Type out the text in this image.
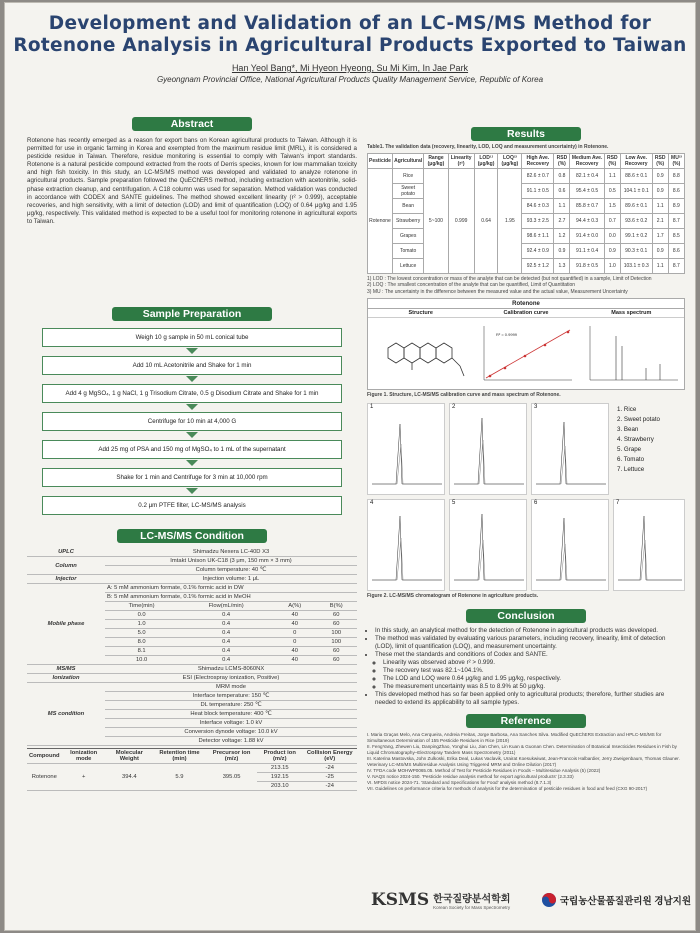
Development and Validation of an LC-MS/MS Method for
Rotenone Analysis in Agricultural Products Exported to Taiwan
Han Yeol Bang*, Mi Hyeon Hyeong, Su Mi Kim, In Jae Park
Gyeongnam Provincial Office, National Agricultural Products Quality Management Service, Republic of Korea
Abstract
Rotenone has recently emerged as a reason for export bans on Korean agricultural products to Taiwan. Although it is permitted for use in organic farming in Korea and exempted from the maximum residue limit (MRL), it is considered a pesticide residue in Taiwan. Therefore, residue monitoring is essential to comply with Taiwan's import standards. Rotenone is a natural pesticide compound extracted from the roots of Derris species, known for low mammalian toxicity and high fish toxicity. In this study, an LC-MS/MS method was developed and validated to analyze rotenone in agricultural products. Sample preparation followed the QuEChERS method, including extraction with acetonitrile, solid-phase extraction cleanup, and centrifugation. A C18 column was used for separation. Method validation was conducted in accordance with CODEX and SANTE guidelines. The method showed excellent linearity (r² > 0.999), acceptable recoveries, and high sensitivity, with a limit of detection (LOD) and limit of quantification (LOQ) of 0.64 μg/kg and 1.95 μg/kg, respectively. This validated method is expected to be a useful tool for monitoring rotenone in agricultural exports to Taiwan.
Sample Preparation
Weigh 10 g sample in 50 mL conical tube
Add 10 mL Acetonitrile and Shake for 1 min
Add 4 g MgSO₄, 1 g NaCl, 1 g Trisodium Citrate, 0.5 g Disodium Citrate and Shake for 1 min
Centrifuge for 10 min at 4,000 G
Add 25 mg of PSA and 150 mg of MgSO₄ to 1 mL of the supernatant
Shake for 1 min and Centrifuge for 3 min at 10,000 rpm
0.2 μm PTFE filter, LC-MS/MS analysis
LC-MS/MS Condition
UPLC	Shimadzu Nexera LC-40D X3			
Column	Imtakt Unison UK-C18 (3 μm, 150 mm × 3 mm)			
	Column temperature: 40 ℃			
Injector	Injection volume: 1 μL			
Mobile phase	A: 5 mM ammonium formate, 0.1% formic acid in DW			
	B: 5 mM ammonium formate, 0.1% formic acid in MeOH			
	Time(min)	Flow(mL/min)	A(%)	B(%)
	0.0	0.4	40	60
	1.0	0.4	40	60
	5.0	0.4	0	100
	8.0	0.4	0	100
	8.1	0.4	40	60
	10.0	0.4	40	60
MS/MS	Shimadzu LCMS-8060NX			
Ionization	ESI (Electrospray ionization, Positive)			
MS condition	MRM mode			
	Interface temperature: 150 ℃			
	DL temperature: 250 ℃			
	Heat block temperature: 400 ℃			
	Interface voltage: 1.0 kV			
	Conversion dynode voltage: 10.0 kV			
	Detector voltage: 1.88 kV			
Compound	Ionization mode	Molecular Weight	Retention time (min)	Precursor ion (m/z)	Product ion (m/z)	Collision Energy (eV)
Rotenone	+	394.4	5.9	395.05	213.15	-24
					192.15	-25
					203.10	-24
Results
Table1. The validation data (recovery, linearity, LOD, LOQ and measurement uncertainty) in Rotenone.
Pesticide	Agricultural	Range (μg/kg)	Linearity (r²)	LOD¹⁾ (μg/kg)	LOQ²⁾ (μg/kg)	High Ave. Recovery	RSD (%)	Medium Ave. Recovery	RSD (%)	Low Ave. Recovery	RSD (%)	MU³⁾ (%)
Rotenone	Rice	5~100	0.999	0.64	1.95	82.6 ± 0.7	0.8	82.1 ± 0.4	1.1	88.6 ± 0.1	0.9	8.8
	Sweet potato					91.1 ± 0.5	0.6	95.4 ± 0.5	0.5	104.1 ± 0.1	0.9	8.6
	Bean					84.6 ± 0.3	1.1	85.8 ± 0.7	1.5	89.6 ± 0.1	1.1	8.9
	Strawberry					93.3 ± 2.5	2.7	94.4 ± 0.3	0.7	93.6 ± 0.2	2.1	8.7
	Grapes					98.6 ± 1.1	1.2	91.4 ± 0.0	0.0	99.1 ± 0.2	1.7	8.5
	Tomato					92.4 ± 0.9	0.9	91.1 ± 0.4	0.9	90.3 ± 0.1	0.9	8.6
	Lettuce					92.5 ± 1.2	1.3	91.8 ± 0.5	1.0	103.1 ± 0.3	1.1	8.7
1) LOD : The lowest concentration or mass of the analyte that can be detected (but not quantified) in a sample, Limit of Detection
2) LOQ : The smallest concentration of the analyte that can be quantified, Limit of Quantitation
3) MU : The uncertainty in the difference between the measured value and the actual value, Measurement Uncertainty
Rotenone
Structure	Calibration curve	Mass spectrum
R² = 0.9999
Figure 1. Structure, LC-MS/MS calibration curve and mass spectrum of Rotenone.
1	2	3	1. Rice
2. Sweet potato
3. Bean
4. Strawberry
5. Grape
6. Tomato
7. Lettuce
4	5	6	7
Figure 2. LC-MS/MS chromatogram of Rotenone in agriculture products.
Conclusion
• In this study, an analytical method for the detection of Rotenone in agricultural products was developed.
• The method was validated by evaluating various parameters, including recovery, linearity, limit of detection (LOD), limit of quantification (LOQ), and measurement uncertainty.
• These met the standards and conditions of Codex and SANTE.
◦ Linearity was observed above r² > 0.999.
◦ The recovery test was 82.1~104.1%.
◦ The LOD and LOQ were 0.64 μg/kg and 1.95 μg/kg, respectively.
◦ The measurement uncertainty was 8.5 to 8.9% at 50 μg/kg.
• This developed method has so far been applied only to agricultural products; therefore, further studies are needed to extend its applicability to all sample types.
Reference
I. Maria Graças Melo, Ana Cerqueira, Andreia Freitas, Jorge Barbosa, Ana Sanches Silva. Modified QuEChERS Extraction and HPLC-MS/MS for Simultaneous Determination of 155 Pesticide Residues in Rice (2019)
II. FengYang, Zhewen Liu, DanpingZhao, Yonghui Liu, Jian Chen, Lin Kuan & Guonan Chen. Determination of Botanical Insecticides Residues in Fish by Liquid Chromatography–Electrospray Tandem Mass Spectrometry (2011)
III. Katerina Mastovska, John Zulkoski, Erika Deal, Lukas Vaclavik, Urairat Koesukwiwat, Jean-Francois Halbardier, Jerry Zweigenbaum, Thomas Glauner. Veterinary LC-MS/MS Multiresidue Analysis Using Triggered MRM and Online Dilution (2017)
IV. TFDA code MOHWP0065.05. Method of Test for Pesticide Residues in Foods – Multiresidue Analysis (5) (2022)
V. NAQS notice 2024-150. 'Pesticide residue analysis method for export agricultural products' (2.3.33)
VI. MFDS notice 2024-71. 'Standard and Specifications for Food' analysis method (8.7.1.3)
VII. Guidelines on performance criteria for methods of analysis for the determination of pesticide residues in food and feed (CXG 90-2017)
KSMS 한국질량분석학회
Korean Society for Mass Spectrometry
국립농산물품질관리원 경남지원
